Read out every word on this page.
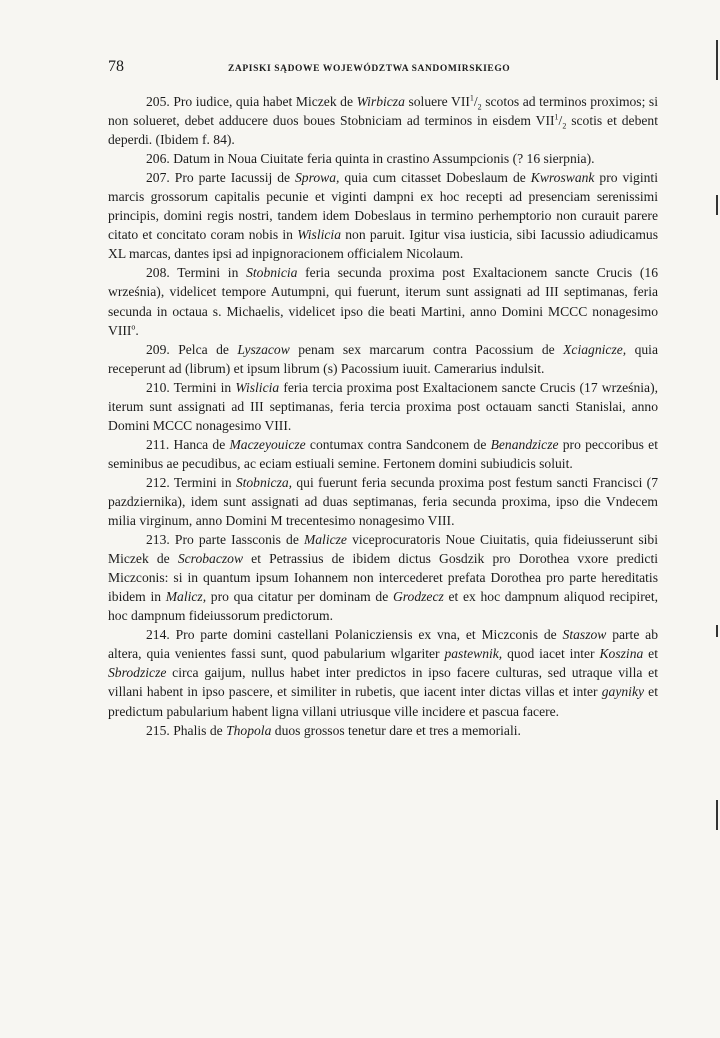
78	ZAPISKI SĄDOWE WOJEWÓDZTWA SANDOMIRSKIEGO

205. Pro iudice, quia habet Miczek de Wirbicza soluere $VII^1/_2$ scotos ad terminos proximos; si non solueret, debet adducere duos boues Stobniciam ad terminos in eisdem $VII^1/_2$ scotis et debent deperdi. (Ibidem f. 84).

206. Datum in Noua Ciuitate feria quinta in crastino Assumpcionis (? 16 sierpnia).

207. Pro parte Iacussij de Sprowa, quia cum citasset Dobeslaum de Kwroswank pro viginti marcis grossorum capitalis pecunie et viginti dampni ex hoc recepti ad presenciam serenissimi principis, domini regis nostri, tandem idem Dobeslaus in termino perhemptorio non curauit parere citato et concitato coram nobis in Wislicia non paruit. Igitur visa iusticia, sibi Iacussio adiudicamus XL marcas, dantes ipsi ad inpignoracionem officialem Nicolaum.

208. Termini in Stobnicia feria secunda proxima post Exaltacionem sancte Crucis (16 września), videlicet tempore Autumpni, qui fuerunt, iterum sunt assignati ad III septimanas, feria secunda in octaua s. Michaelis, videlicet ipso die beati Martini, anno Domini MCCC nonagesimo VIII$^o$.

209. Pelca de Lyszacow penam sex marcarum contra Pacossium de Xciagnicze, quia receperunt ad (librum) et ipsum librum (s) Pacossium iuuit. Camerarius indulsit.

210. Termini in Wislicia feria tercia proxima post Exaltacionem sancte Crucis (17 września), iterum sunt assignati ad III septimanas, feria tercia proxima post octauam sancti Stanislai, anno Domini MCCC nonagesimo VIII.

211. Hanca de Maczeyouicze contumax contra Sandconem de Benandzicze pro peccoribus et seminibus ae pecudibus, ac eciam estiuali semine. Fertonem domini subiudicis soluit.

212. Termini in Stobnicza, qui fuerunt feria secunda proxima post festum sancti Francisci (7 pazdziernika), idem sunt assignati ad duas septimanas, feria secunda proxima, ipso die Vndecem milia virginum, anno Domini M trecentesimo nonagesimo VIII.

213. Pro parte Iassconis de Malicze viceprocuratoris Noue Ciuitatis, quia fideiusserunt sibi Miczek de Scrobaczow et Petrassius de ibidem dictus Gosdzik pro Dorothea vxore predicti Miczconis: si in quantum ipsum Iohannem non intercederet prefata Dorothea pro parte hereditatis ibidem in Malicz, pro qua citatur per dominam de Grodzecz et ex hoc dampnum aliquod recipiret, hoc dampnum fideiussorum predictorum.

214. Pro parte domini castellani Polanicziensis ex vna, et Miczconis de Staszow parte ab altera, quia venientes fassi sunt, quod pabularium wlgariter pastewnik, quod iacet inter Koszina et Sbrodzicze circa gaijum, nullus habet inter predictos in ipso facere culturas, sed utraque villa et villani habent in ipso pascere, et similiter in rubetis, que iacent inter dictas villas et inter gayniky et predictum pabularium habent ligna villani utriusque ville incidere et pascua facere.

215. Phalis de Thopola duos grossos tenetur dare et tres a memoriali.
